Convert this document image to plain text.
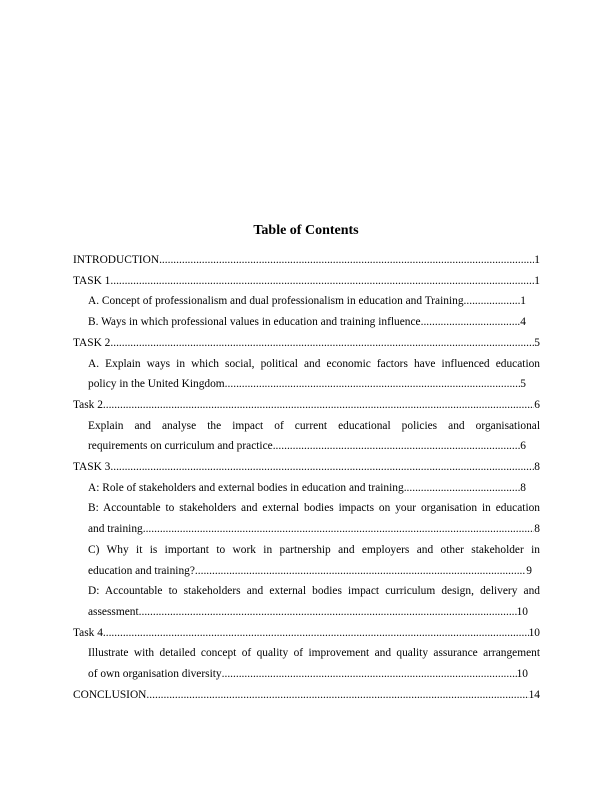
Table of Contents
INTRODUCTION .....	1
TASK 1 .....	1
A. Concept of professionalism and dual professionalism in education and Training .....	1
B. Ways in which professional values in education and training influence .....	4
TASK 2 .....	5
A. Explain ways in which social, political and economic factors have influenced education
policy in the United Kingdom .....	5
Task 2 .....	6
Explain and analyse the impact of current educational policies and organisational
requirements on curriculum and practice .....	6
TASK 3 .....	8
A: Role of stakeholders and external bodies in education and training .....	8
B: Accountable to stakeholders and external bodies impacts on your organisation in education
and training .....	8
C) Why it is important to work in partnership and employers and other stakeholder in
education and training? .....	9
D: Accountable to stakeholders and external bodies impact curriculum design, delivery and
assessment .....	10
Task 4 .....	10
Illustrate with detailed concept of quality of improvement and quality assurance arrangement
of own organisation diversity .....	10
CONCLUSION .....	14
